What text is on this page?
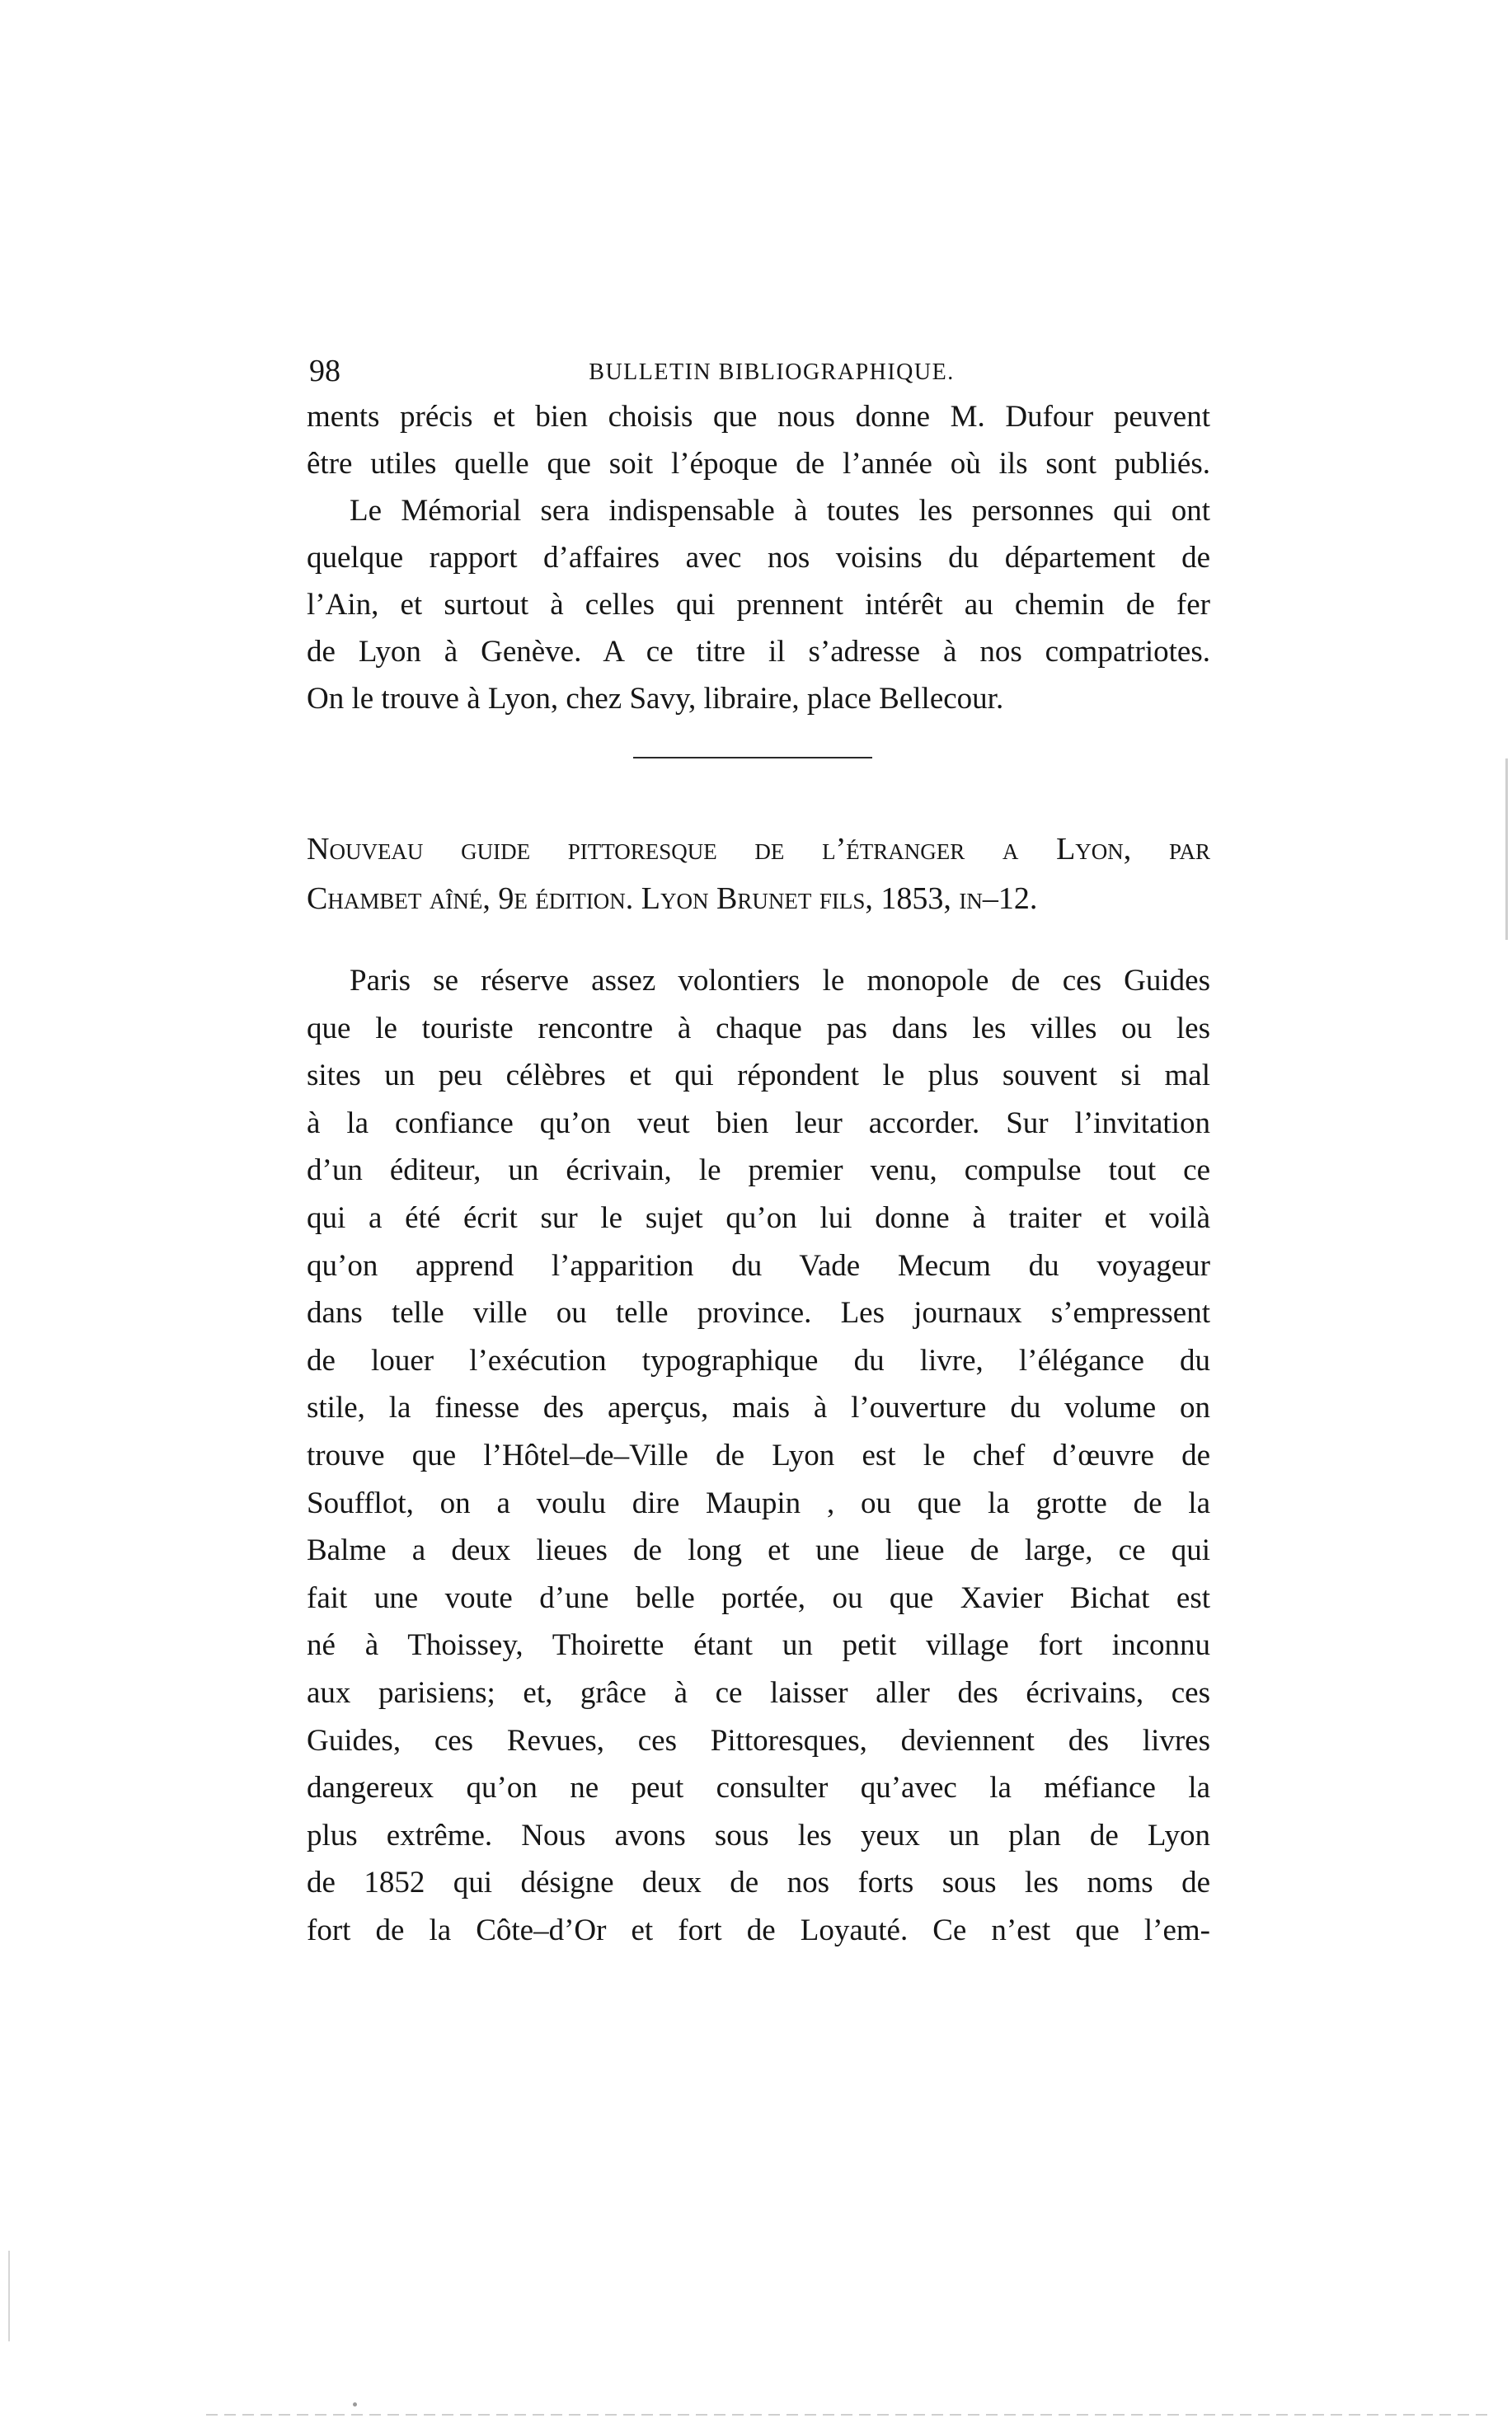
98	BULLETIN BIBLIOGRAPHIQUE.
ments précis et bien choisis que nous donne M. Dufour peuvent
être utiles quelle que soit l’époque de l’année où ils sont publiés.
Le Mémorial sera indispensable à toutes les personnes qui ont
quelque rapport d’affaires avec nos voisins du département de
l’Ain, et surtout à celles qui prennent intérêt au chemin de fer
de Lyon à Genève. A ce titre il s’adresse à nos compatriotes.
On le trouve à Lyon, chez Savy, libraire, place Bellecour.
Nouveau guide pittoresque de l’étranger a Lyon, par
Chambet aîné, 9e édition. Lyon Brunet fils, 1853, in–12.
Paris se réserve assez volontiers le monopole de ces Guides
que le touriste rencontre à chaque pas dans les villes ou les
sites un peu célèbres et qui répondent le plus souvent si mal
à la confiance qu’on veut bien leur accorder. Sur l’invitation
d’un éditeur, un écrivain, le premier venu, compulse tout ce
qui a été écrit sur le sujet qu’on lui donne à traiter et voilà
qu’on apprend l’apparition du Vade Mecum du voyageur
dans telle ville ou telle province. Les journaux s’empressent
de louer l’exécution typographique du livre, l’élégance du
stile, la finesse des aperçus, mais à l’ouverture du volume on
trouve que l’Hôtel–de–Ville de Lyon est le chef d’œuvre de
Soufflot, on a voulu dire Maupin , ou que la grotte de la
Balme a deux lieues de long et une lieue de large, ce qui
fait une voute d’une belle portée, ou que Xavier Bichat est
né à Thoissey, Thoirette étant un petit village fort inconnu
aux parisiens; et, grâce à ce laisser aller des écrivains, ces
Guides, ces Revues, ces Pittoresques, deviennent des livres
dangereux qu’on ne peut consulter qu’avec la méfiance la
plus extrême. Nous avons sous les yeux un plan de Lyon
de 1852 qui désigne deux de nos forts sous les noms de
fort de la Côte–d’Or et fort de Loyauté. Ce n’est que l’em-
